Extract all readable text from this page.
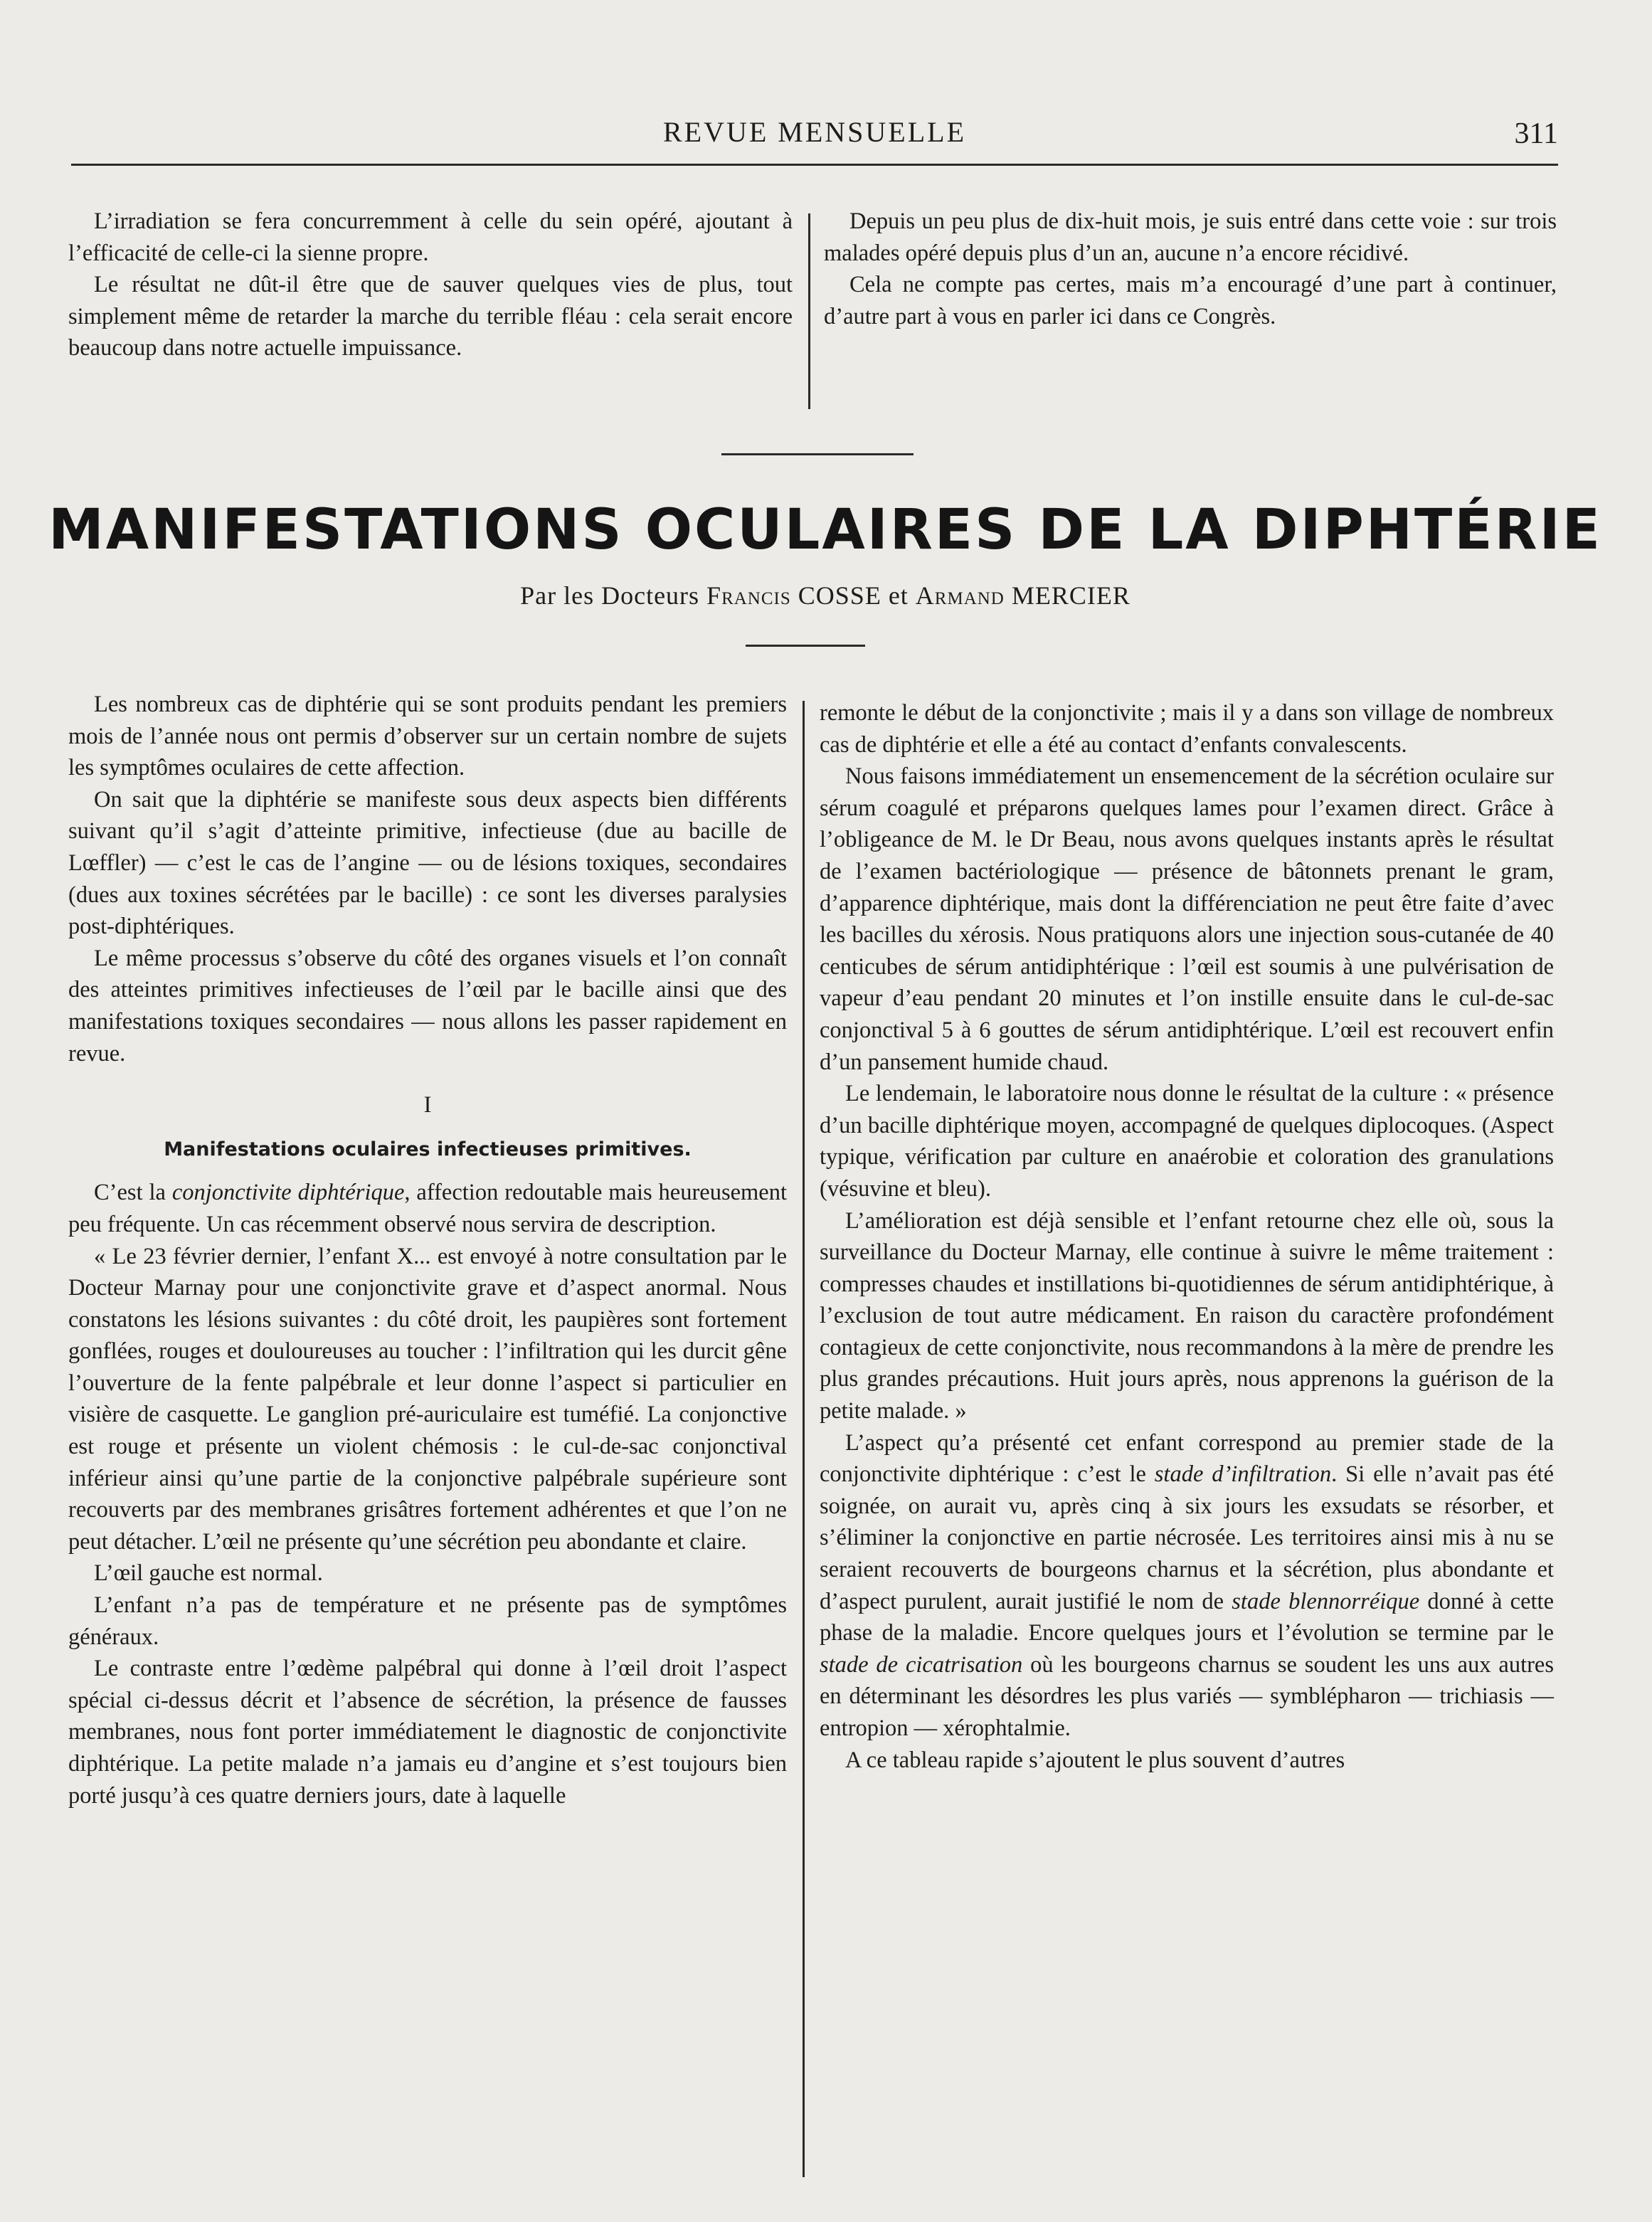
REVUE MENSUELLE	311

L’irradiation se fera concurremment à celle du sein opéré, ajoutant à l’efficacité de celle-ci la sienne propre.

Le résultat ne dût-il être que de sauver quelques vies de plus, tout simplement même de retarder la marche du terrible fléau : cela serait encore beaucoup dans notre actuelle impuissance.

Depuis un peu plus de dix-huit mois, je suis entré dans cette voie : sur trois malades opéré depuis plus d’un an, aucune n’a encore récidivé.

Cela ne compte pas certes, mais m’a encouragé d’une part à continuer, d’autre part à vous en parler ici dans ce Congrès.

MANIFESTATIONS OCULAIRES DE LA DIPHTÉRIE
Par les Docteurs Francis COSSE et Armand MERCIER

Les nombreux cas de diphtérie qui se sont produits pendant les premiers mois de l’année nous ont permis d’observer sur un certain nombre de sujets les symptômes oculaires de cette affection.

On sait que la diphtérie se manifeste sous deux aspects bien différents suivant qu’il s’agit d’atteinte primitive, infectieuse (due au bacille de Lœffler) — c’est le cas de l’angine — ou de lésions toxiques, secondaires (dues aux toxines sécrétées par le bacille) : ce sont les diverses paralysies post-diphtériques.

Le même processus s’observe du côté des organes visuels et l’on connaît des atteintes primitives infectieuses de l’œil par le bacille ainsi que des manifestations toxiques secondaires — nous allons les passer rapidement en revue.

I

Manifestations oculaires infectieuses primitives.

C’est la conjonctivite diphtérique, affection redoutable mais heureusement peu fréquente. Un cas récemment observé nous servira de description.

« Le 23 février dernier, l’enfant X... est envoyé à notre consultation par le Docteur Marnay pour une conjonctivite grave et d’aspect anormal. Nous constatons les lésions suivantes : du côté droit, les paupières sont fortement gonflées, rouges et douloureuses au toucher : l’infiltration qui les durcit gêne l’ouverture de la fente palpébrale et leur donne l’aspect si particulier en visière de casquette. Le ganglion pré-auriculaire est tuméfié. La conjonctive est rouge et présente un violent chémosis : le cul-de-sac conjonctival inférieur ainsi qu’une partie de la conjonctive palpébrale supérieure sont recouverts par des membranes grisâtres fortement adhérentes et que l’on ne peut détacher. L’œil ne présente qu’une sécrétion peu abondante et claire.

L’œil gauche est normal.

L’enfant n’a pas de température et ne présente pas de symptômes généraux.

Le contraste entre l’œdème palpébral qui donne à l’œil droit l’aspect spécial ci-dessus décrit et l’absence de sécrétion, la présence de fausses membranes, nous font porter immédiatement le diagnostic de conjonctivite diphtérique. La petite malade n’a jamais eu d’angine et s’est toujours bien porté jusqu’à ces quatre derniers jours, date à laquelle

remonte le début de la conjonctivite ; mais il y a dans son village de nombreux cas de diphtérie et elle a été au contact d’enfants convalescents.

Nous faisons immédiatement un ensemencement de la sécrétion oculaire sur sérum coagulé et préparons quelques lames pour l’examen direct. Grâce à l’obligeance de M. le Dr Beau, nous avons quelques instants après le résultat de l’examen bactériologique — présence de bâtonnets prenant le gram, d’apparence diphtérique, mais dont la différenciation ne peut être faite d’avec les bacilles du xérosis. Nous pratiquons alors une injection sous-cutanée de 40 centicubes de sérum antidiphtérique : l’œil est soumis à une pulvérisation de vapeur d’eau pendant 20 minutes et l’on instille ensuite dans le cul-de-sac conjonctival 5 à 6 gouttes de sérum antidiphtérique. L’œil est recouvert enfin d’un pansement humide chaud.

Le lendemain, le laboratoire nous donne le résultat de la culture : « présence d’un bacille diphtérique moyen, accompagné de quelques diplocoques. (Aspect typique, vérification par culture en anaérobie et coloration des granulations (vésuvine et bleu).

L’amélioration est déjà sensible et l’enfant retourne chez elle où, sous la surveillance du Docteur Marnay, elle continue à suivre le même traitement : compresses chaudes et instillations bi-quotidiennes de sérum antidiphtérique, à l’exclusion de tout autre médicament. En raison du caractère profondément contagieux de cette conjonctivite, nous recommandons à la mère de prendre les plus grandes précautions. Huit jours après, nous apprenons la guérison de la petite malade. »

L’aspect qu’a présenté cet enfant correspond au premier stade de la conjonctivite diphtérique : c’est le stade d’infiltration. Si elle n’avait pas été soignée, on aurait vu, après cinq à six jours les exsudats se résorber, et s’éliminer la conjonctive en partie nécrosée. Les territoires ainsi mis à nu se seraient recouverts de bourgeons charnus et la sécrétion, plus abondante et d’aspect purulent, aurait justifié le nom de stade blennorréique donné à cette phase de la maladie. Encore quelques jours et l’évolution se termine par le stade de cicatrisation où les bourgeons charnus se soudent les uns aux autres en déterminant les désordres les plus variés — symblépharon — trichiasis — entropion — xérophtalmie.

A ce tableau rapide s’ajoutent le plus souvent d’autres
